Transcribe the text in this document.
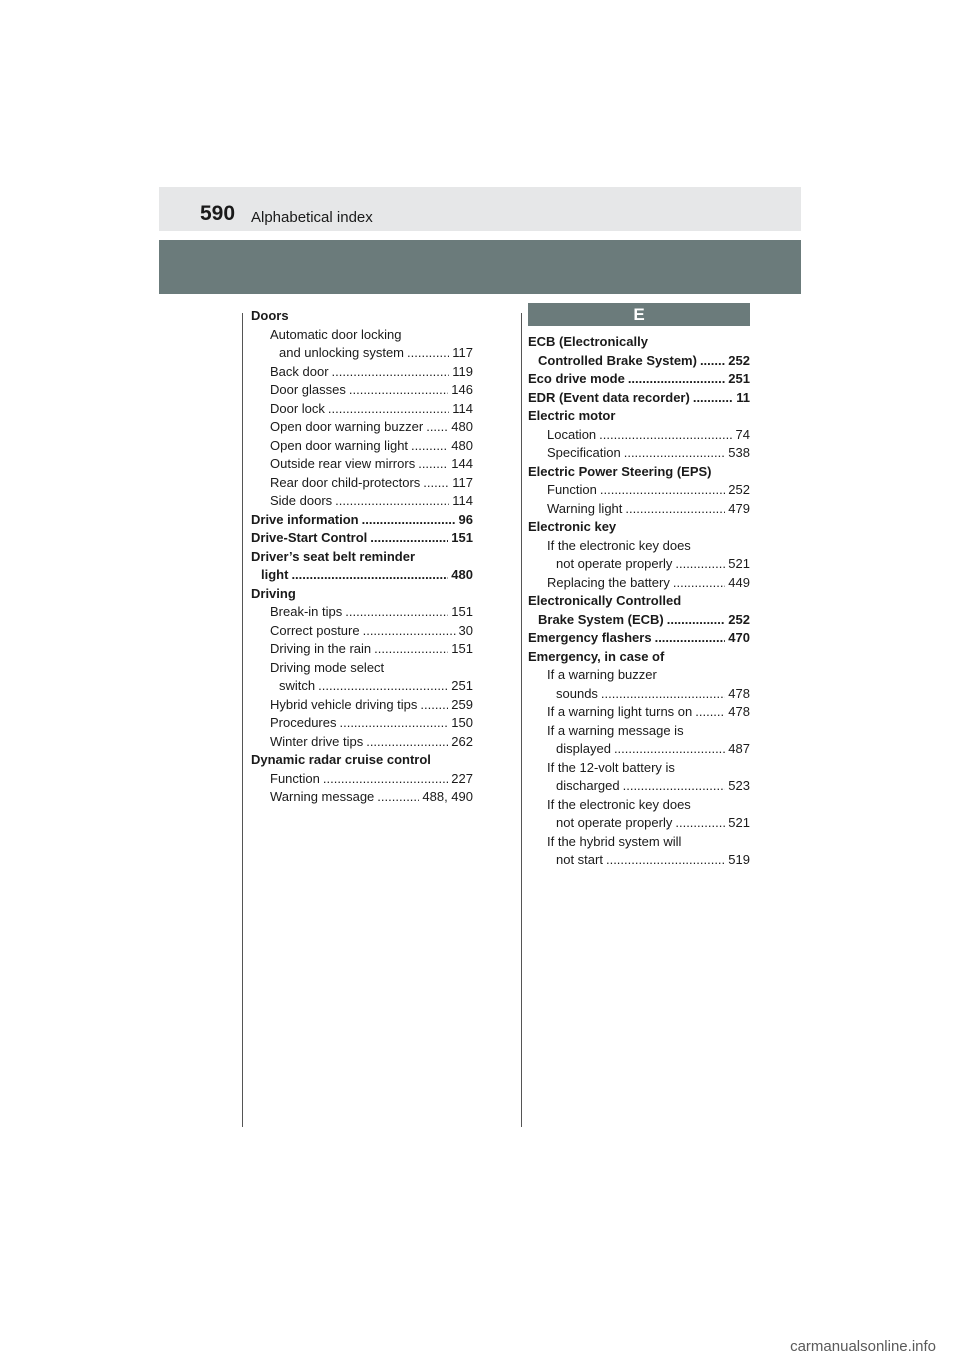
590 Alphabetical index
Doors
Automatic door locking
and unlocking system .....	117
Back door .....	119
Door glasses .....	146
Door lock .....	114
Open door warning buzzer ..... 480
Open door warning light .....	480
Outside rear view mirrors .....	144
Rear door child-protectors ..... 117
Side doors .....	114
Drive information .....	96
Drive-Start Control .....	151
Driver’s seat belt reminder
light .....	480
Driving
Break-in tips .....	151
Correct posture .....	30
Driving in the rain .....	151
Driving mode select
switch .....	251
Hybrid vehicle driving tips .....	259
Procedures .....	150
Winter drive tips .....	262
Dynamic radar cruise control
Function .....	227
Warning message .....	488, 490
E
ECB (Electronically
Controlled Brake System) ..... 252
Eco drive mode .....	251
EDR (Event data recorder) .....	11
Electric motor
Location .....	74
Specification .....	538
Electric Power Steering (EPS)
Function .....	252
Warning light .....	479
Electronic key
If the electronic key does
not operate properly .....	521
Replacing the battery .....	449
Electronically Controlled
Brake System (ECB) .....	252
Emergency flashers .....	470
Emergency, in case of
If a warning buzzer
sounds .....	478
If a warning light turns on .....	478
If a warning message is
displayed .....	487
If the 12-volt battery is
discharged .....	523
If the electronic key does
not operate properly .....	521
If the hybrid system will
not start .....	519
carmanualsonline.info
